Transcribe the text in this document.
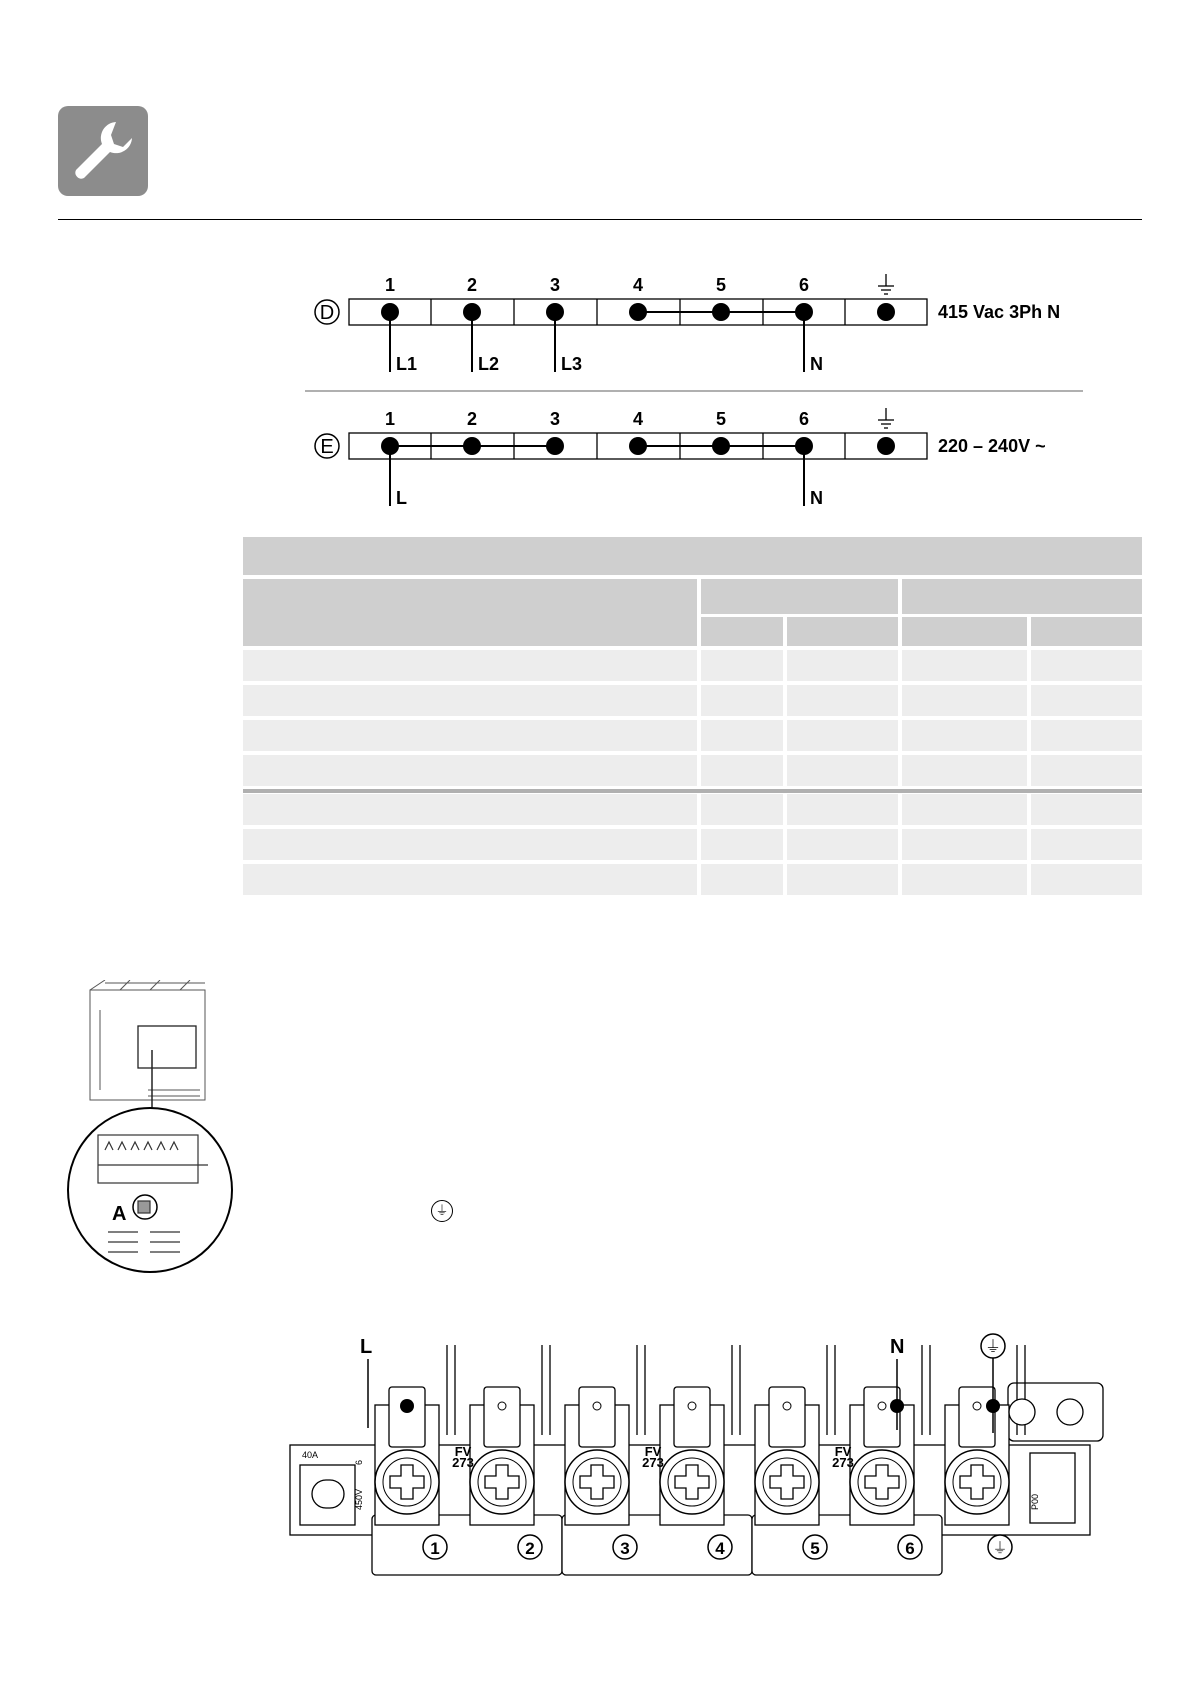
D
1	2	3	4	5	6
L1	L2	L3	N
415 Vac 3Ph N
E
1	2	3	4	5	6
L	N
220 – 240V ~
A	⏚
L	N	⏚
40A
6
450V	P00
FV
273
FV
273
FV
273
1	2	3	4	5	6	⏚
